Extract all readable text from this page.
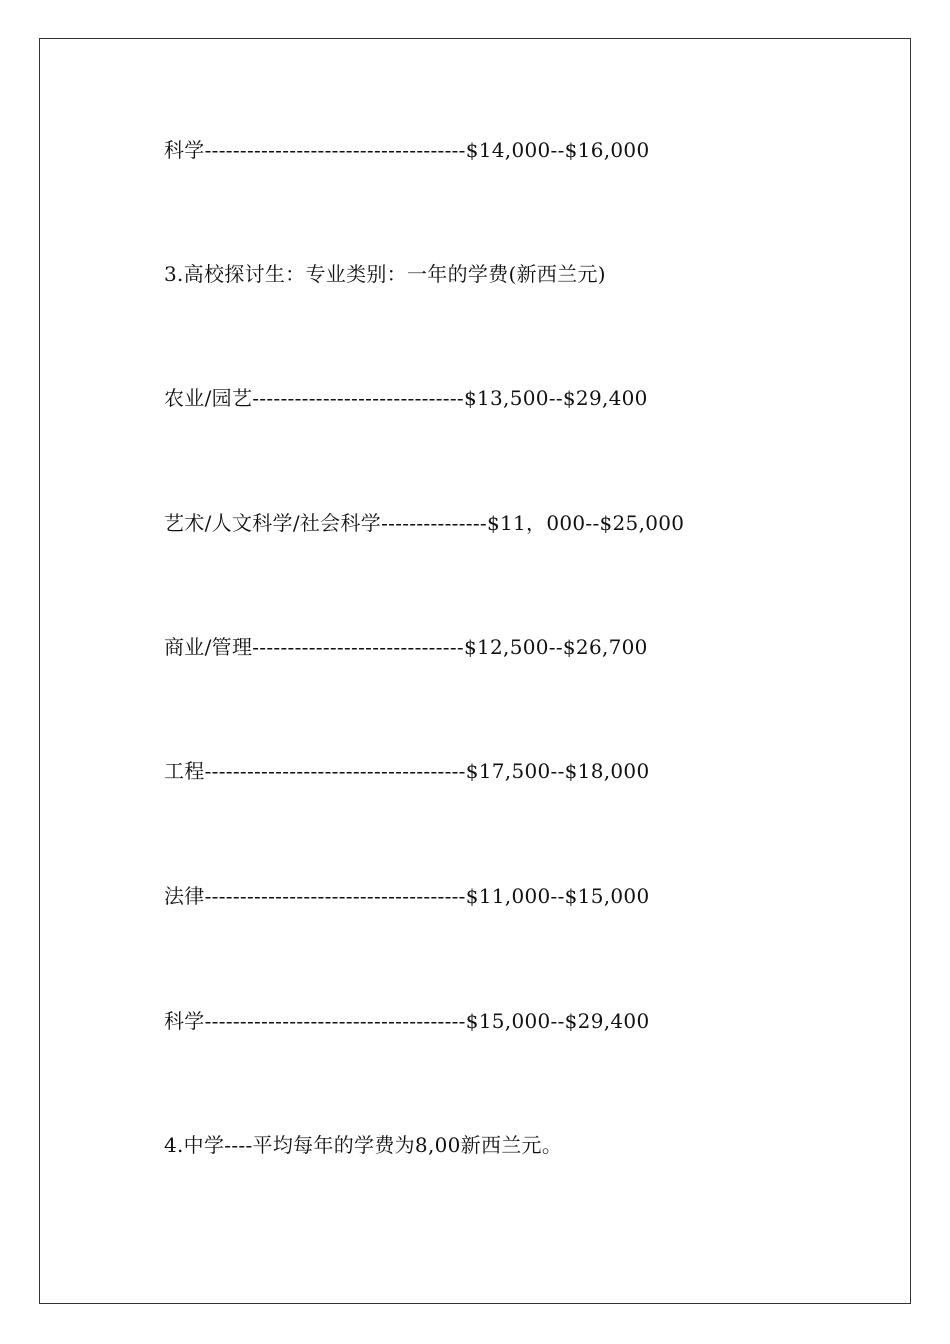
科学-------------------------------------$14,000--$16,000
3.高校探讨生：专业类别：一年的学费(新西兰元)
农业/园艺------------------------------$13,500--$29,400
艺术/人文科学/社会科学---------------$11，000--$25,000
商业/管理------------------------------$12,500--$26,700
工程-------------------------------------$17,500--$18,000
法律-------------------------------------$11,000--$15,000
科学-------------------------------------$15,000--$29,400
4.中学----平均每年的学费为8,00新西兰元。
